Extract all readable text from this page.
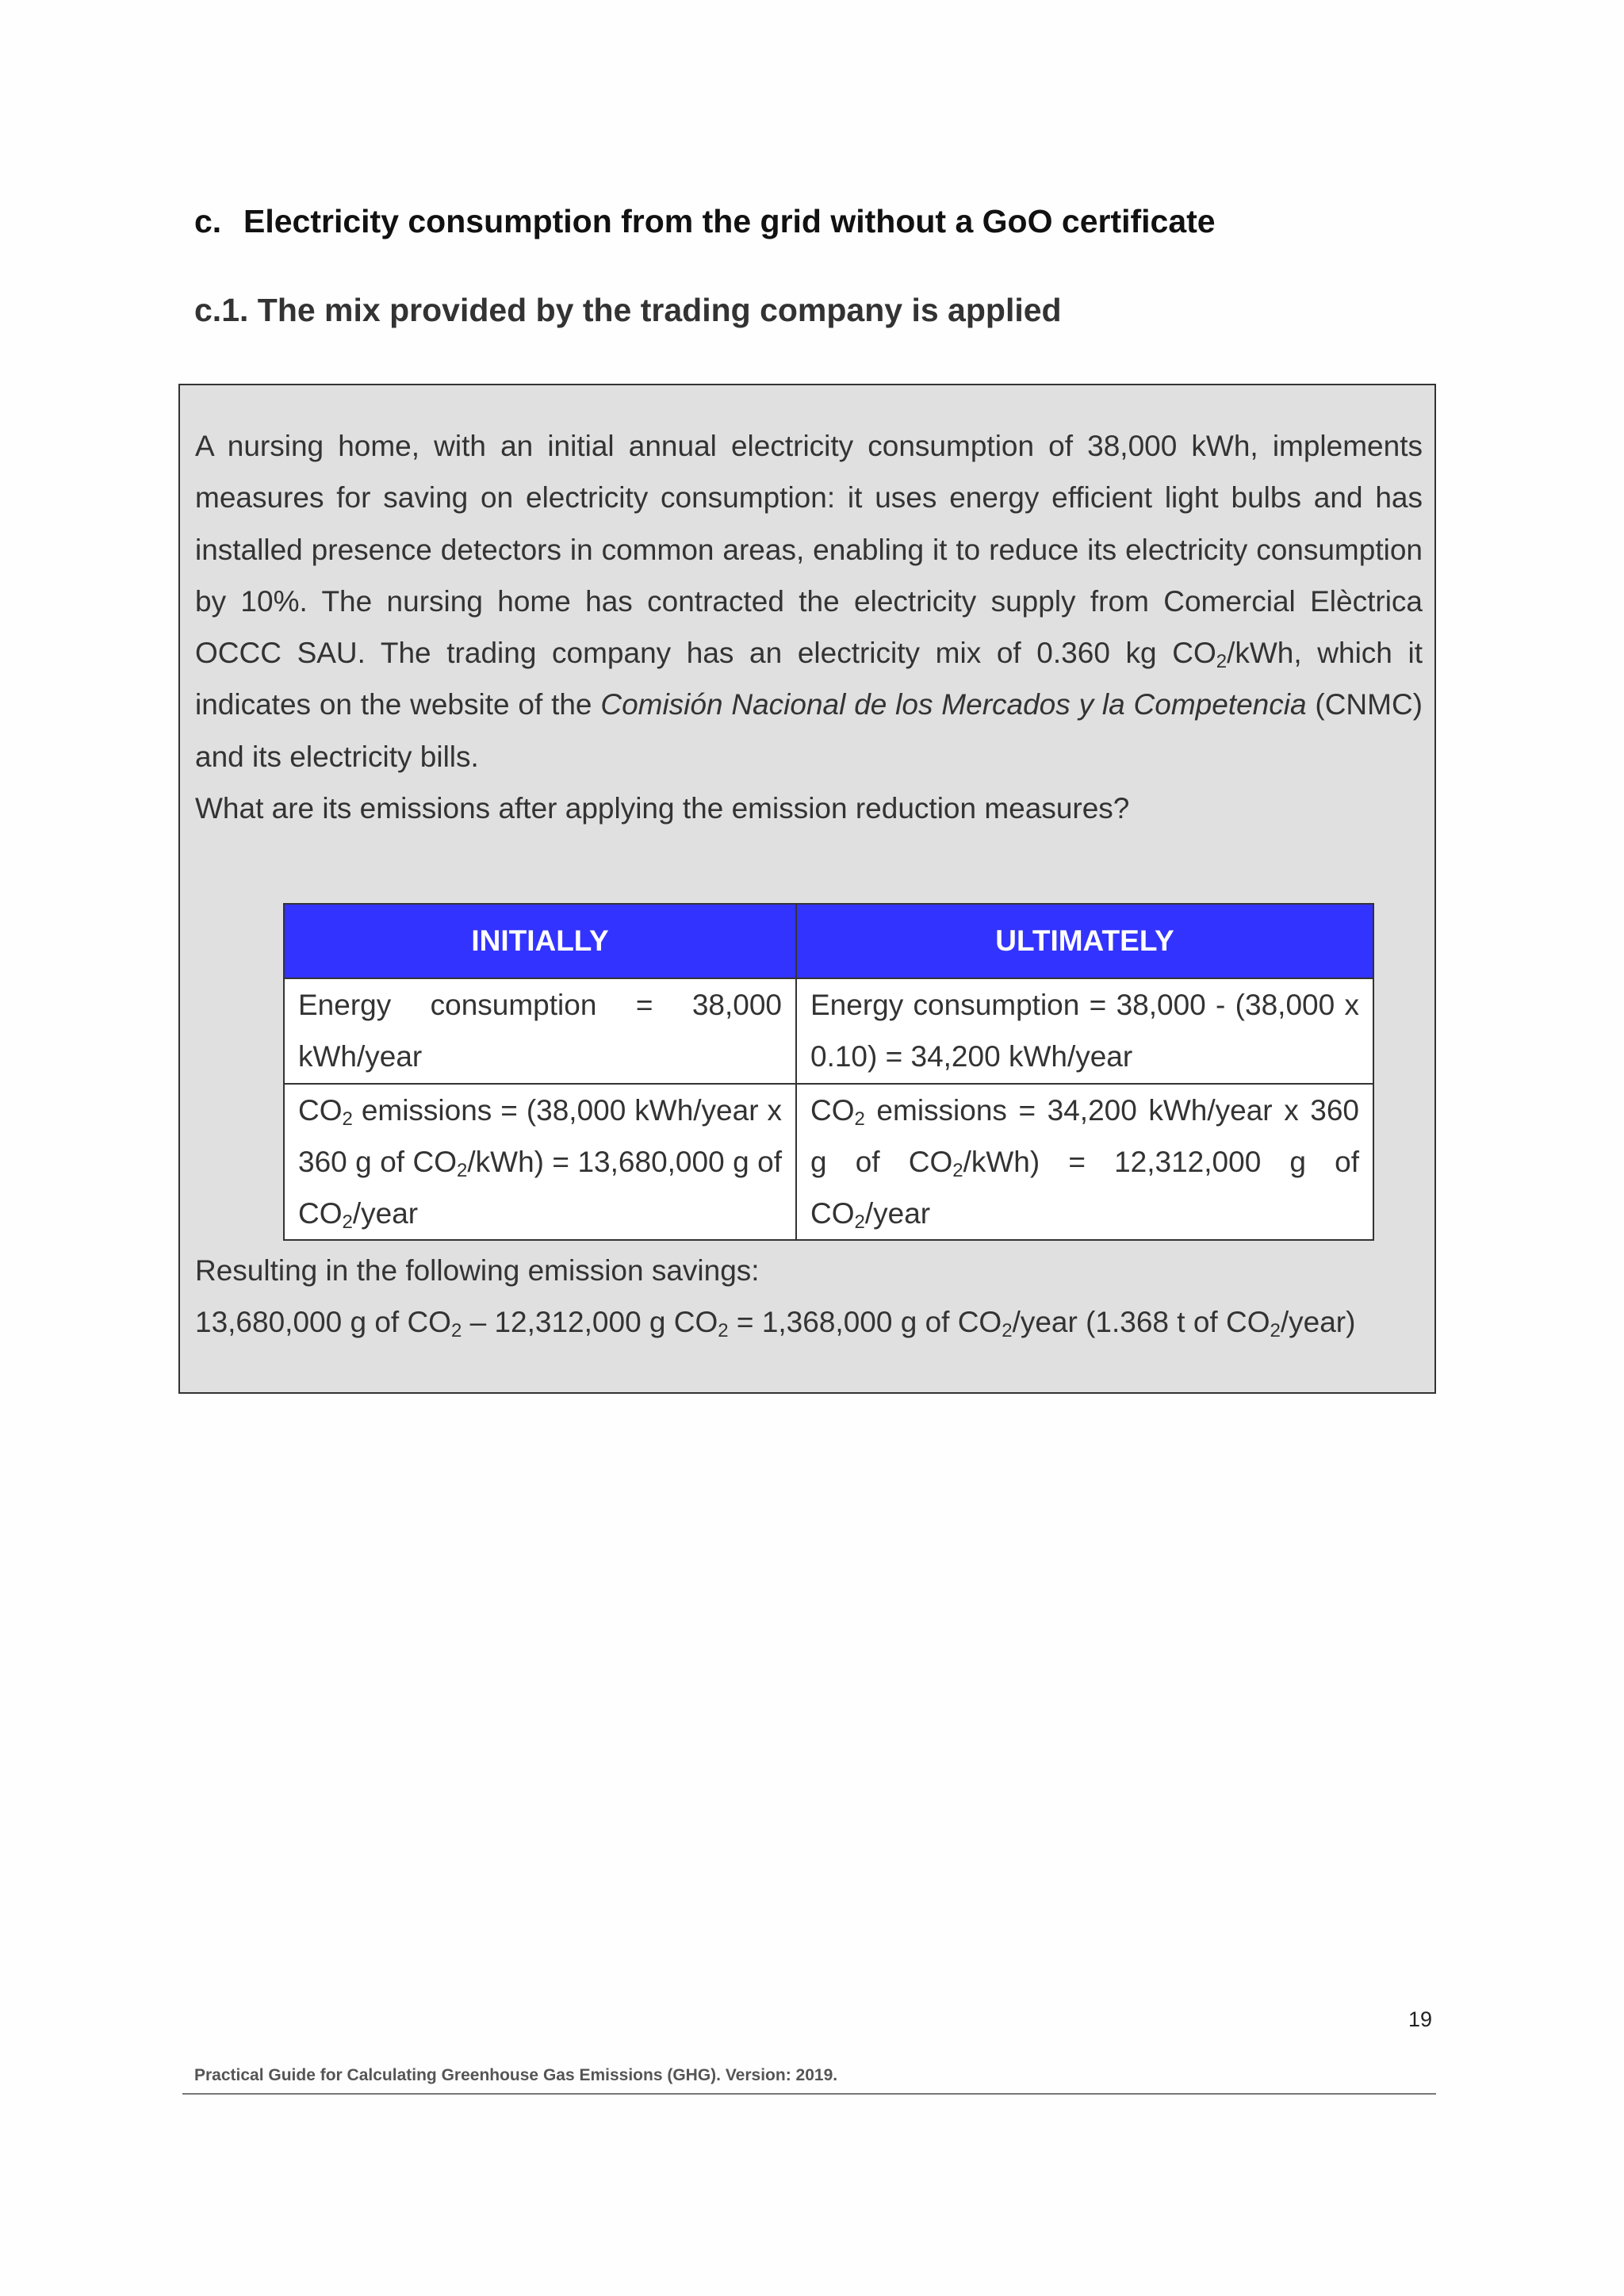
c. Electricity consumption from the grid without a GoO certificate
c.1. The mix provided by the trading company is applied

A nursing home, with an initial annual electricity consumption of 38,000 kWh, implements measures for saving on electricity consumption: it uses energy efficient light bulbs and has installed presence detectors in common areas, enabling it to reduce its electricity consumption by 10%. The nursing home has contracted the electricity supply from Comercial Elèctrica OCCC SAU. The trading company has an electricity mix of 0.360 kg $CO_2$/kWh, which it indicates on the website of the Comisión Nacional de los Mercados y la Competencia (CNMC) and its electricity bills.

What are its emissions after applying the emission reduction measures?

INITIALLY	ULTIMATELY
Energy consumption = 38,000 kWh/year	Energy consumption = 38,000 - (38,000 x 0.10) = 34,200 kWh/year
$CO_2$ emissions = (38,000 kWh/year x 360 g of $CO_2/kWh) = 13,680,000$ g of $CO_2$/year	$CO_2$ emissions = 34,200 kWh/year x 360 g of $CO_2/kWh) = 12,312,000$ g of $CO_2$/year
Resulting in the following emission savings:
13,680,000 g of $CO_2 - 12,312,000$ g $CO_2 = 1,368,000$ g of $CO_2$/year (1.368 t of $CO_2/year$)
19
Practical Guide for Calculating Greenhouse Gas Emissions (GHG). Version: 2019.
